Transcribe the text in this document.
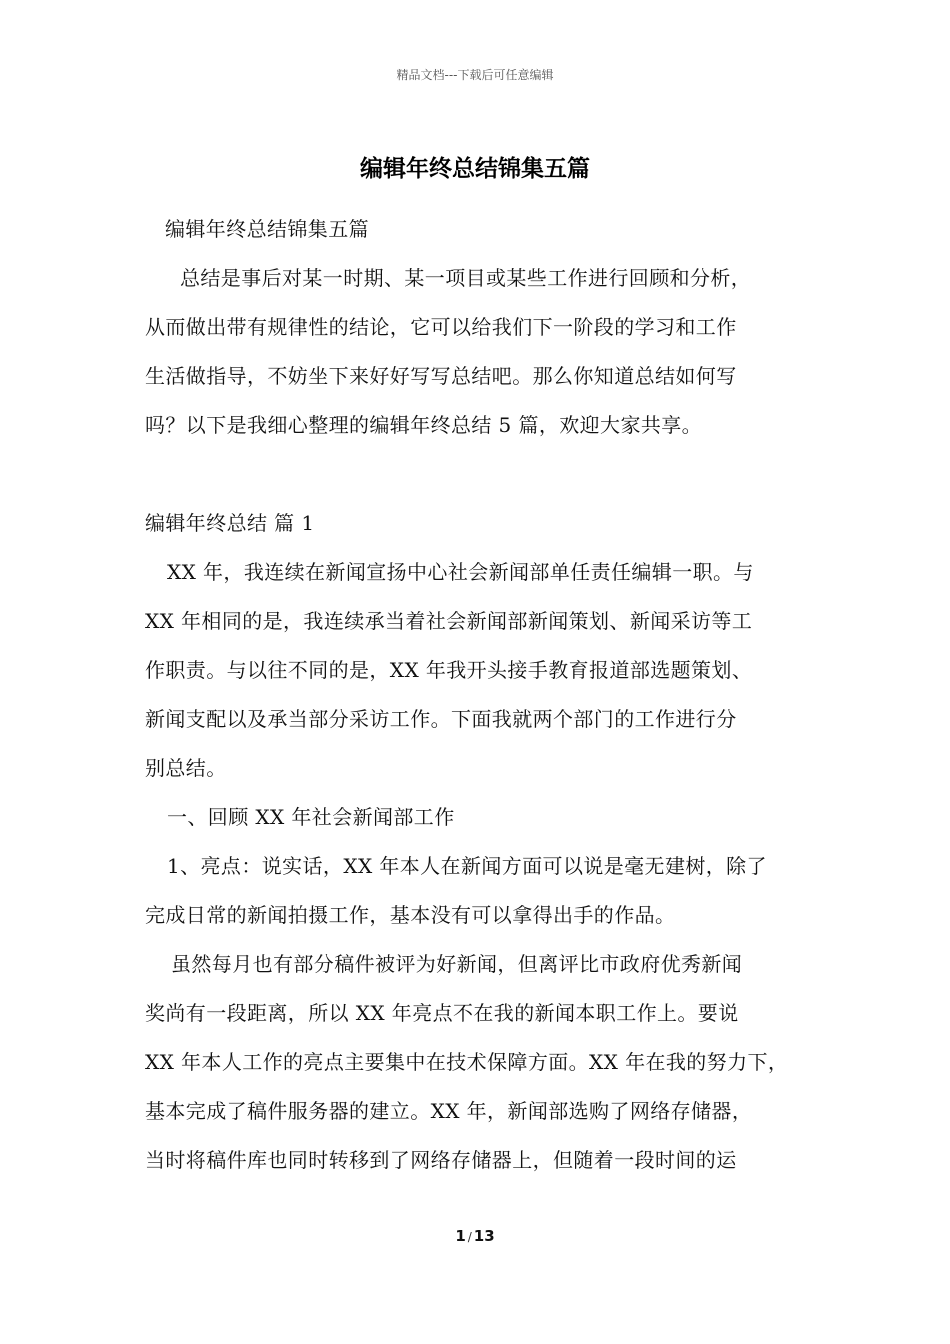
精品文档---下载后可任意编辑
编辑年终总结锦集五篇
编辑年终总结锦集五篇
总结是事后对某一时期、某一项目或某些工作进行回顾和分析，
从而做出带有规律性的结论，它可以给我们下一阶段的学习和工作
生活做指导，不妨坐下来好好写写总结吧。那么你知道总结如何写
吗？以下是我细心整理的编辑年终总结 5 篇，欢迎大家共享。
编辑年终总结 篇 1
XX 年，我连续在新闻宣扬中心社会新闻部单任责任编辑一职。与
XX 年相同的是，我连续承当着社会新闻部新闻策划、新闻采访等工
作职责。与以往不同的是，XX 年我开头接手教育报道部选题策划、
新闻支配以及承当部分采访工作。下面我就两个部门的工作进行分
别总结。
一、回顾 XX 年社会新闻部工作
1、亮点：说实话，XX 年本人在新闻方面可以说是毫无建树，除了
完成日常的新闻拍摄工作，基本没有可以拿得出手的作品。
虽然每月也有部分稿件被评为好新闻，但离评比市政府优秀新闻
奖尚有一段距离，所以 XX 年亮点不在我的新闻本职工作上。要说
XX 年本人工作的亮点主要集中在技术保障方面。XX 年在我的努力下，
基本完成了稿件服务器的建立。XX 年，新闻部选购了网络存储器，
当时将稿件库也同时转移到了网络存储器上，但随着一段时间的运
1 / 13
